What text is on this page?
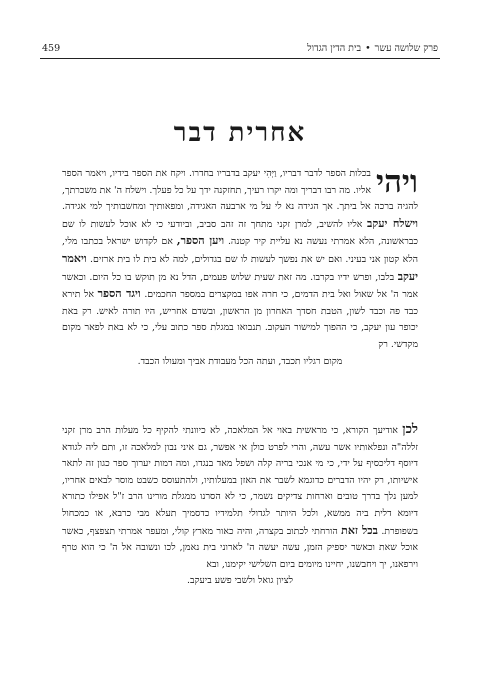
פרק שלושה עשר•בית הדין הגדול
459
אחרית דבר
ויהי
בכלות הספר לדבר דבריו, וַיְּהִי יעקב בדבריו בחדרו. ויקח את הספר בידיו, ויאמר הספר אליו. מה רבו דבריך ומה יקרו רעיך, תחזקנה ידך על כל פעלך. וישלח ה' את משכרתך, להגיה ברכה אל ביתך. אך הגידה נא לי על מי ארבעה האגידה, ומפאותיך ומחשבותיך למי אגידה. וישלח יעקב אליו להשיב, למרן זקני מתחך זה זהב סביב, וביודעי כי לא אוכל לעשות לו שם כבראשונה, הלא אמרתי נעשה נא עליית קיר קטנה. ויען הספר, אם לקדוש ישראל בכתבו מלי, הלא קטון אני בעיני. ואם יש את נפשך לעשות לו שם בגדולים, למה לא בית לו בית ארזים. ויאמר יעקב בלבו, ופרש ידיו בקרבו. מה זאת שעית שלוש פעמים, הדל נא מן תוקש בו כל היום. וכאשר אמר ה' אל שאול ואל בית הדמים, כי חרה אפו במקצרים במספר החכמים. ויגד הספר אל תירא כבד פה וכבד לשון, הטבת חסדך האחרון מן הראשון, ובשדם אחריש, היו תורה לאיש. רק באת יכופר עון יעקב, כי ההפוך למישור העקוב. תנבואו במגלת ספר כתוב עלי, כי לא באת לפאר מקום מקדשי. רק
מקום רגליו תכבד, ועתה הכל מעבודת אביך ומעולו הכבד.
לכן אודיעך הקורא, כי מראשית באוי אל המלאכה, לא כיוונתי להקיף כל מעלות הרב מרן זקני זללה"ה ונפלאותיו אשר עשה, והרי לפרט כולן אי אפשר, גם איני נבון למלאכה זו, ותם ליה לגודא דיוסף דליכסיף על ידי, כי מי אנכי בריה קלה ושפל מאד בנגדו, ומה דמות יערוך ספר כגון זה לתאר אישיותו, רק יהיו הדברים כדוגמא לשבר את האזן במעלותיו, ולהתעוסס כשבט מוסר לבאים אחריו, למען נלך בדרך טובים וארחות צדיקים נשמר, כי לא הסרנו ממגלת מורינו הרב ז"ל אפילו כתורא דיומא דלית ביה ממשא, ולכל היותר לגדולי תלמידיו כדסמיך תעלא מבי כרבא, או כמכחול בשפופרת. בכל זאת הורחתי לכתוב בקצרה, והיה כאור מארץ קולי, ומעפר אמרתי תצפצף, כאשר אוכל שאת וכאשר יספיק הזמן, עשה יעשה ה' לארוני בית נאמן, לכו ונשובה אל ה' כי הוא טרף וירפאנו, יך ויחבשנו, יחיינו מיומים ביום השלישי יקימנו, ובא
לציון גואל ולשבי פשע ביעקב.
